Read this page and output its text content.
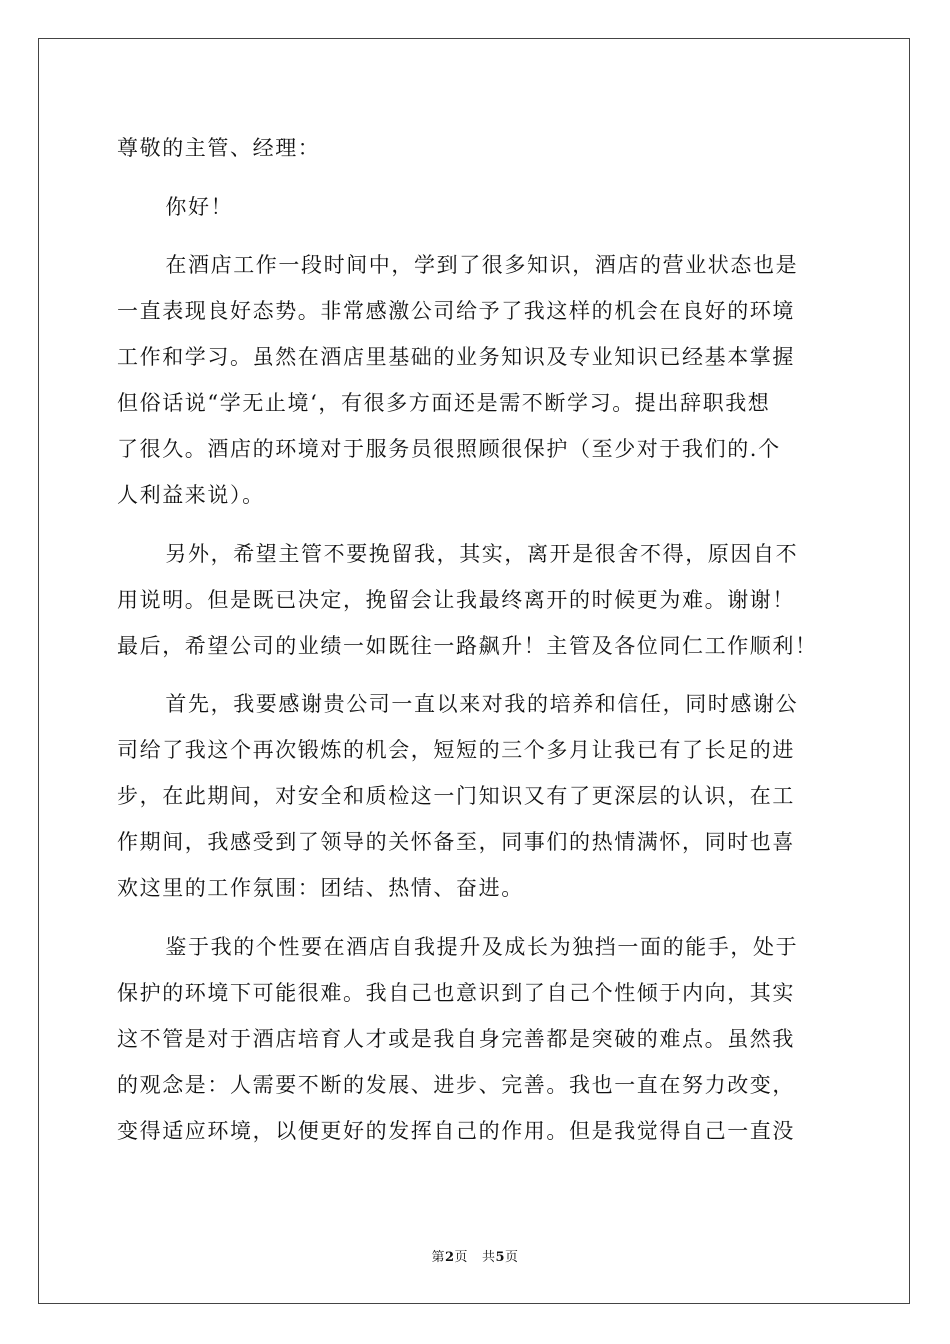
尊敬的主管、经理：
你好！
在酒店工作一段时间中，学到了很多知识，酒店的营业状态也是
一直表现良好态势。非常感激公司给予了我这样的机会在良好的环境
工作和学习。虽然在酒店里基础的业务知识及专业知识已经基本掌握
但俗话说“学无止境‘，有很多方面还是需不断学习。提出辞职我想
了很久。酒店的环境对于服务员很照顾很保护（至少对于我们的.个
人利益来说）。
另外，希望主管不要挽留我，其实，离开是很舍不得，原因自不
用说明。但是既已决定，挽留会让我最终离开的时候更为难。谢谢！
最后，希望公司的业绩一如既往一路飙升！主管及各位同仁工作顺利！
首先，我要感谢贵公司一直以来对我的培养和信任，同时感谢公
司给了我这个再次锻炼的机会，短短的三个多月让我已有了长足的进
步，在此期间，对安全和质检这一门知识又有了更深层的认识，在工
作期间，我感受到了领导的关怀备至，同事们的热情满怀，同时也喜
欢这里的工作氛围：团结、热情、奋进。
鉴于我的个性要在酒店自我提升及成长为独挡一面的能手，处于
保护的环境下可能很难。我自己也意识到了自己个性倾于内向，其实
这不管是对于酒店培育人才或是我自身完善都是突破的难点。虽然我
的观念是：人需要不断的发展、进步、完善。我也一直在努力改变，
变得适应环境，以便更好的发挥自己的作用。但是我觉得自己一直没
第2页 共5页
